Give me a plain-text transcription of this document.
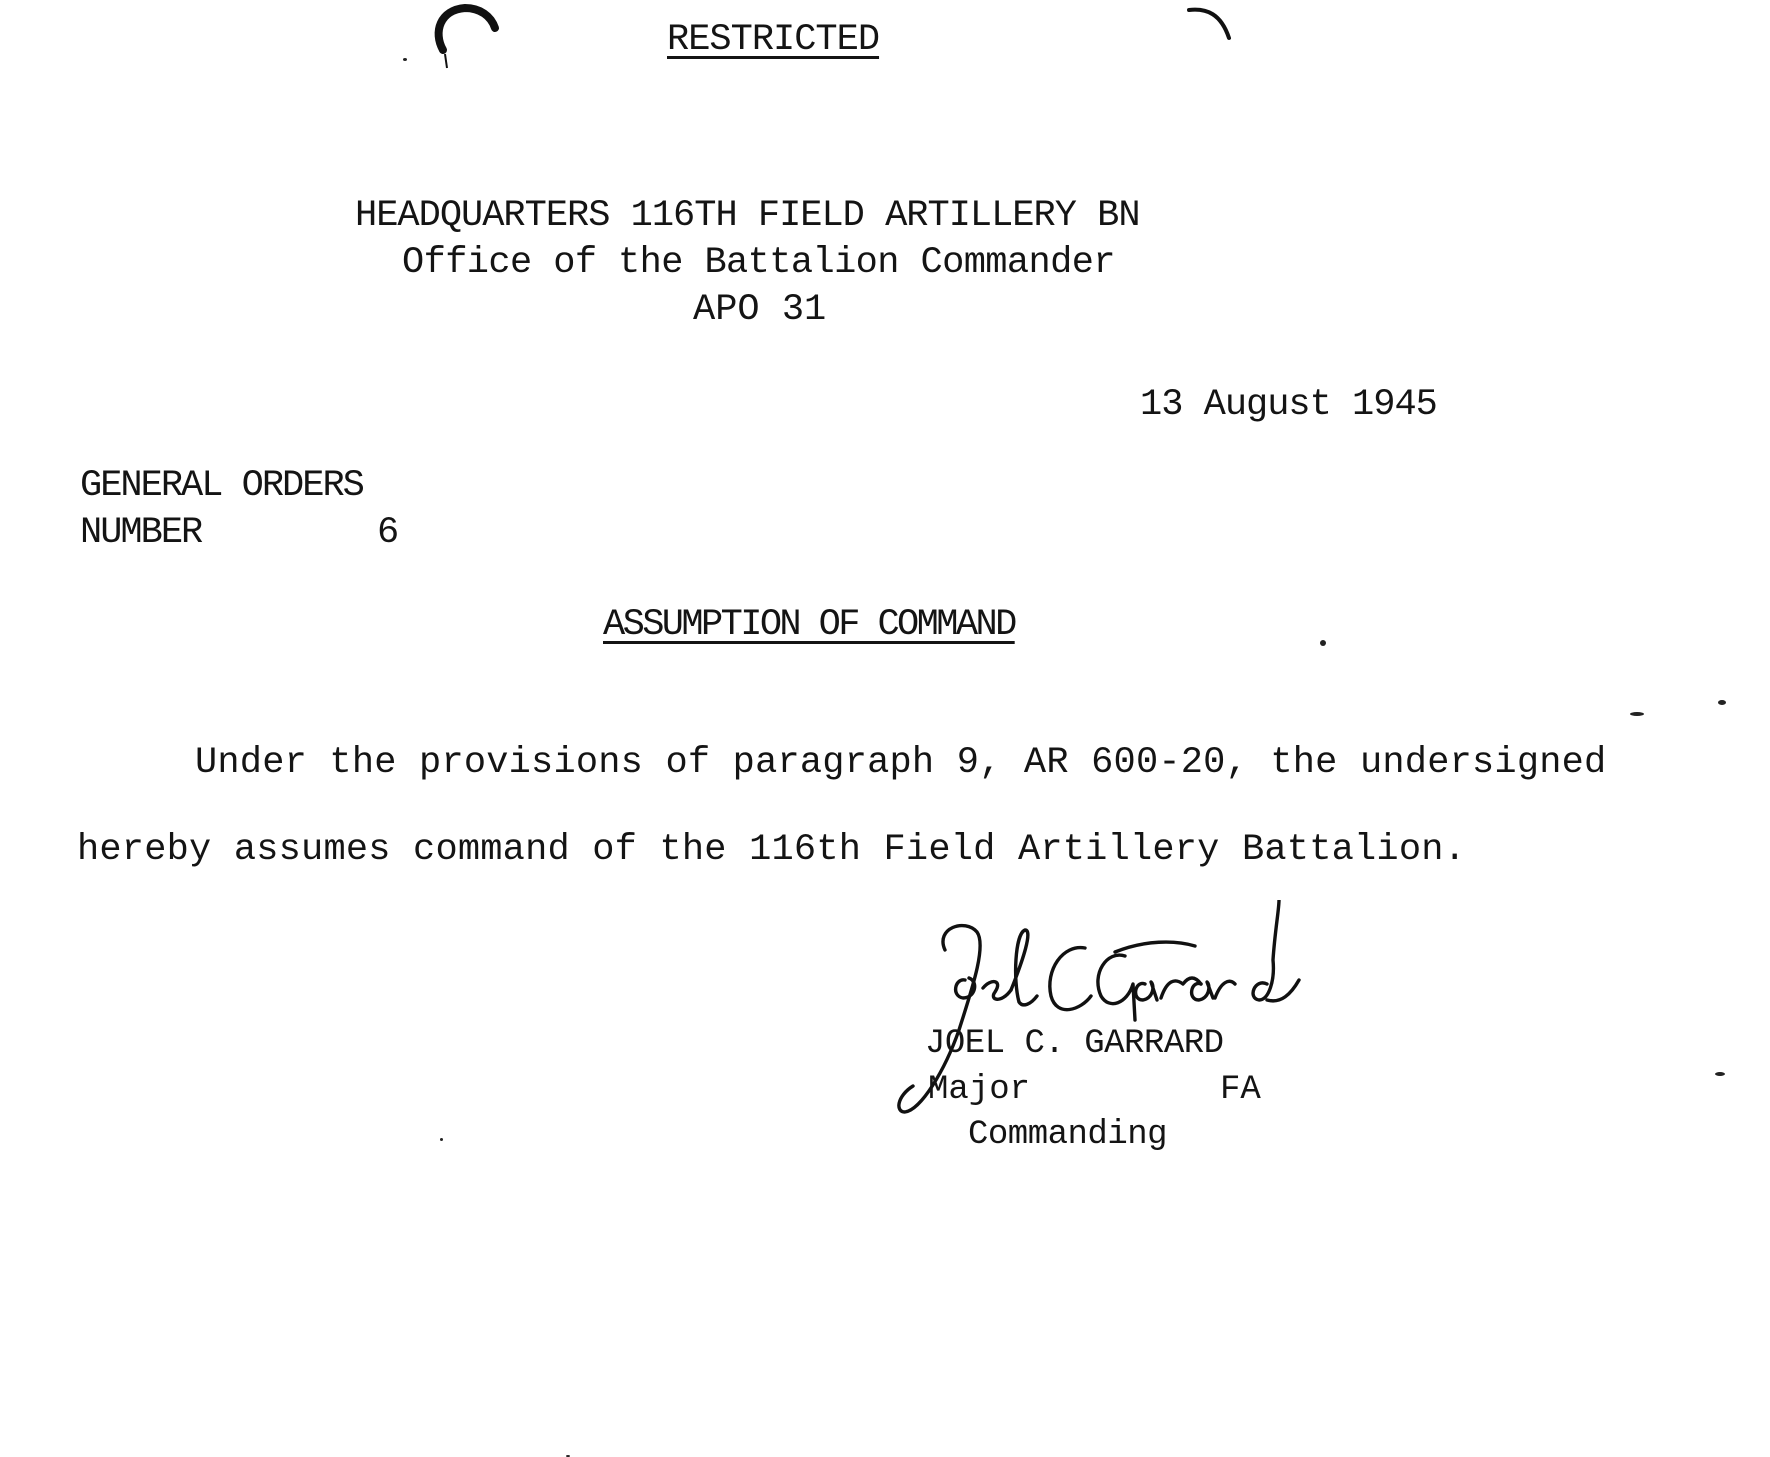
RESTRICTED
HEADQUARTERS 116TH FIELD ARTILLERY BN
Office of the Battalion Commander
APO 31
13 August 1945
GENERAL ORDERS
NUMBER	6
ASSUMPTION OF COMMAND
Under the provisions of paragraph 9, AR 600-20, the undersigned
hereby assumes command of the 116th Field Artillery Battalion.
JOEL C. GARRARD
Major	FA
Commanding
